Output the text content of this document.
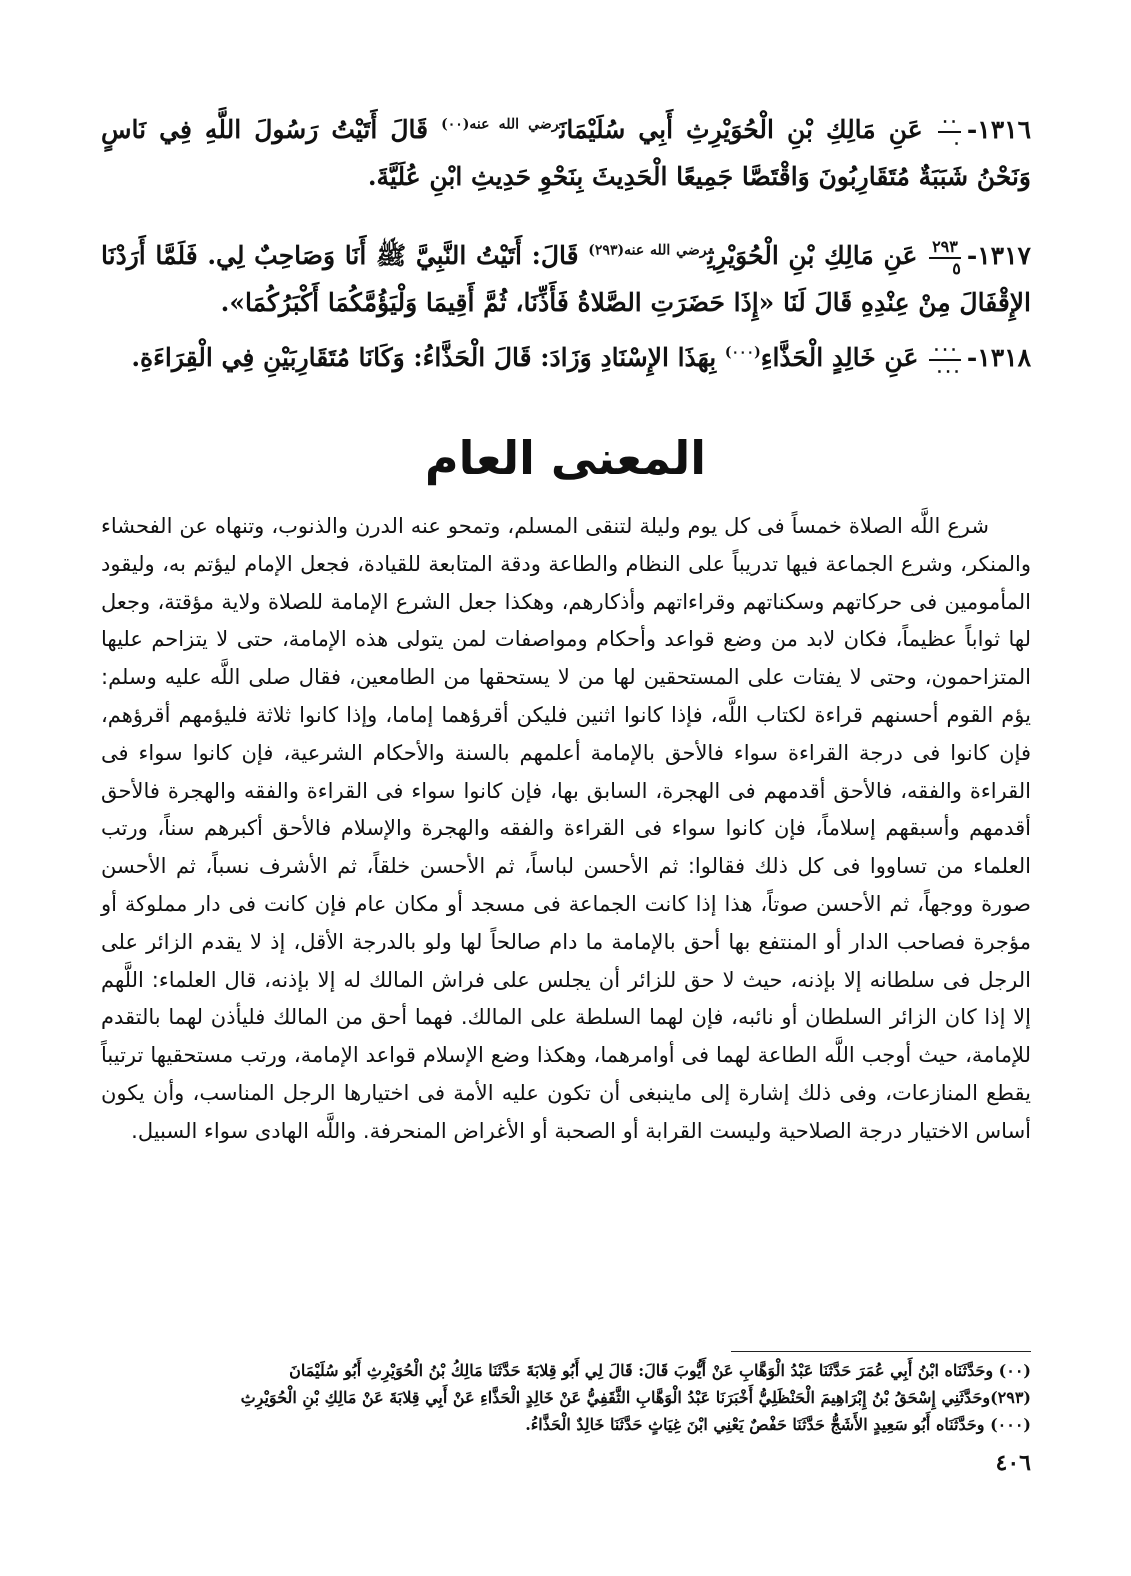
١٣١٦-
٠٠
٠
عَنِ مَالِكِ بْنِ الْحُوَيْرِثِ أَبِي سُلَيْمَانَ$^{رضي الله عنه(٠٠)}$ قَالَ أَتَيْتُ رَسُولَ اللَّهِ فِي نَاسٍ وَنَحْنُ شَبَبَةٌ مُتَقَارِبُونَ وَاقْتَصَّا جَمِيعًا الْحَدِيثَ بِنَحْوِ حَدِيثِ ابْنِ عُلَيَّةَ.
١٣١٧-
٢٩٣
٥
عَنِ مَالِكِ بْنِ الْحُوَيْرِثِ$^{رضي الله عنه(٢٩٣)}$ قَالَ: أَتَيْتُ النَّبِيَّ ﷺ أَنَا وَصَاحِبٌ لِي. فَلَمَّا أَرَدْنَا الإِقْفَالَ مِنْ عِنْدِهِ قَالَ لَنَا «إِذَا حَضَرَتِ الصَّلاةُ فَأَذِّنَا، ثُمَّ أَقِيمَا وَلْيَؤُمَّكُمَا أَكْبَرُكُمَا».
١٣١٨-
٠٠٠
٠٠٠
عَنِ خَالِدٍ الْحَذَّاءِ$^{(٠٠٠)}$ بِهَذَا الإِسْنَادِ وَزَادَ: قَالَ الْحَذَّاءُ: وَكَانَا مُتَقَارِبَيْنِ فِي الْقِرَاءَةِ.
المعنى العام

شرع اللَّه الصلاة خمساً فى كل يوم وليلة لتنقى المسلم، وتمحو عنه الدرن والذنوب، وتنهاه عن الفحشاء والمنكر، وشرع الجماعة فيها تدريباً على النظام والطاعة ودقة المتابعة للقيادة، فجعل الإمام ليؤتم به، وليقود المأمومين فى حركاتهم وسكناتهم وقراءاتهم وأذكارهم، وهكذا جعل الشرع الإمامة للصلاة ولاية مؤقتة، وجعل لها ثواباً عظيماً، فكان لابد من وضع قواعد وأحكام ومواصفات لمن يتولى هذه الإمامة، حتى لا يتزاحم عليها المتزاحمون، وحتى لا يفتات على المستحقين لها من لا يستحقها من الطامعين، فقال صلى اللَّه عليه وسلم: يؤم القوم أحسنهم قراءة لكتاب اللَّه، فإذا كانوا اثنين فليكن أقرؤهما إماما، وإذا كانوا ثلاثة فليؤمهم أقرؤهم، فإن كانوا فى درجة القراءة سواء فالأحق بالإمامة أعلمهم بالسنة والأحكام الشرعية، فإن كانوا سواء فى القراءة والفقه، فالأحق أقدمهم فى الهجرة، السابق بها، فإن كانوا سواء فى القراءة والفقه والهجرة فالأحق أقدمهم وأسبقهم إسلاماً، فإن كانوا سواء فى القراءة والفقه والهجرة والإسلام فالأحق أكبرهم سناً، ورتب العلماء من تساووا فى كل ذلك فقالوا: ثم الأحسن لباساً، ثم الأحسن خلقاً، ثم الأشرف نسباً، ثم الأحسن صورة ووجهاً، ثم الأحسن صوتاً، هذا إذا كانت الجماعة فى مسجد أو مكان عام فإن كانت فى دار مملوكة أو مؤجرة فصاحب الدار أو المنتفع بها أحق بالإمامة ما دام صالحاً لها ولو بالدرجة الأقل، إذ لا يقدم الزائر على الرجل فى سلطانه إلا بإذنه، حيث لا حق للزائر أن يجلس على فراش المالك له إلا بإذنه، قال العلماء: اللَّهم إلا إذا كان الزائر السلطان أو نائبه، فإن لهما السلطة على المالك. فهما أحق من المالك فليأذن لهما بالتقدم للإمامة، حيث أوجب اللَّه الطاعة لهما فى أوامرهما، وهكذا وضع الإسلام قواعد الإمامة، ورتب مستحقيها ترتيباً يقطع المنازعات، وفى ذلك إشارة إلى ماينبغى أن تكون عليه الأمة فى اختيارها الرجل المناسب، وأن يكون أساس الاختيار درجة الصلاحية وليست القرابة أو الصحبة أو الأغراض المنحرفة. واللَّه الهادى سواء السبيل.

(٠٠) وحَدَّثَنَاه ابْنُ أَبِي عُمَرَ حَدَّثَنَا عَبْدُ الْوَهَّابِ عَنْ أَيُّوبَ قَالَ: قَالَ لِي أَبُو قِلابَةَ حَدَّثَنَا مَالِكُ بْنُ الْحُوَيْرِثِ أَبُو سُلَيْمَانَ
(٢٩٣)وحَدَّثَنِي إِسْحَقُ بْنُ إِبْرَاهِيمَ الْحَنْظَلِيُّ أَخْبَرَنَا عَبْدُ الْوَهَّابِ الثَّقَفِيُّ عَنْ خَالِدٍ الْحَذَّاءِ عَنْ أَبِي قِلابَةَ عَنْ مَالِكِ بْنِ الْحُوَيْرِثِ
(٠٠٠) وحَدَّثَنَاه أَبُو سَعِيدٍ الأَشَجُّ حَدَّثَنَا حَفْصٌ يَعْنِي ابْنَ غِيَاثٍ حَدَّثَنَا خَالِدٌ الْحَذَّاءُ.
٤٠٦
